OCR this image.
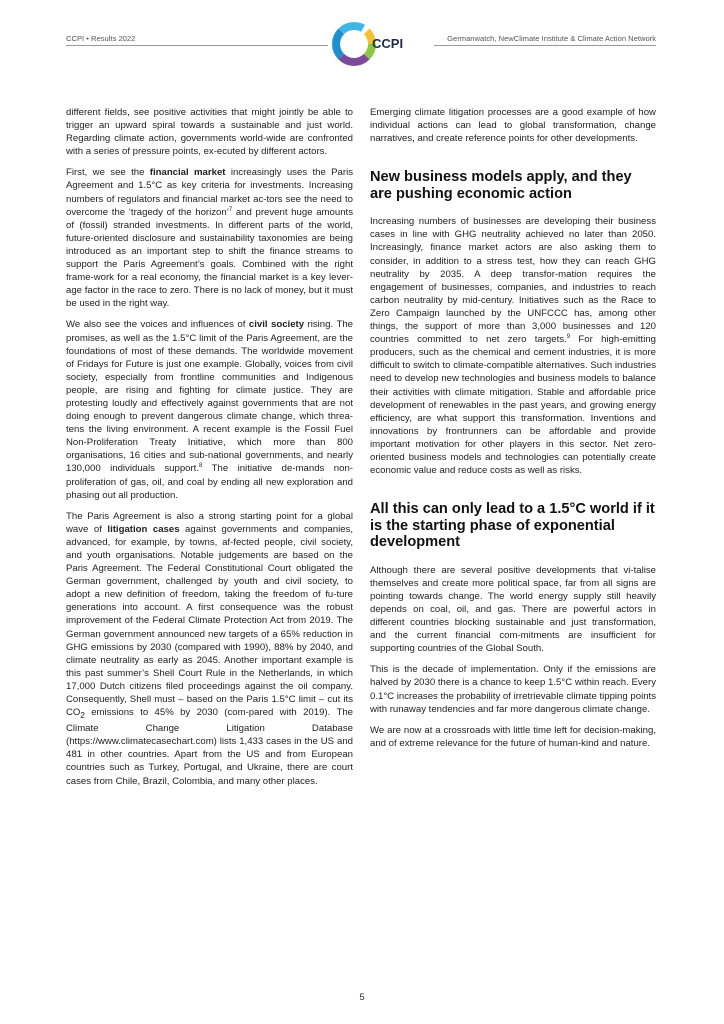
CCPI • Results 2022	Germanwatch, NewClimate Institute & Climate Action Network
CCPI

different fields, see positive activities that might jointly be able to trigger an upward spiral towards a sustainable and just world. Regarding climate action, governments world-wide are confronted with a series of pressure points, ex-ecuted by different actors.

First, we see the financial market increasingly uses the Paris Agreement and 1.5°C as key criteria for investments. Increasing numbers of regulators and financial market ac-tors see the need to overcome the ‘tragedy of the horizon’$^7$ and prevent huge amounts of (fossil) stranded investments. In different parts of the world, future-oriented disclosure and sustainability taxonomies are being introduced as an important step to shift the finance streams to support the Paris Agreement’s goals. Combined with the right frame-work for a real economy, the financial market is a key lever-age factor in the race to zero. There is no lack of money, but it must be used in the right way.

We also see the voices and influences of civil society rising. The promises, as well as the 1.5°C limit of the Paris Agreement, are the foundations of most of these demands. The worldwide movement of Fridays for Future is just one example. Globally, voices from civil society, especially from frontline communities and Indigenous people, are rising and fighting for climate justice. They are protesting loudly and effectively against governments that are not doing enough to prevent dangerous climate change, which threa-tens the living environment. A recent example is the Fossil Fuel Non-Proliferation Treaty Initiative, which more than 800 organisations, 16 cities and sub-national governments, and nearly 130,000 individuals support.$^8$ The initiative de-mands non-proliferation of gas, oil, and coal by ending all new exploration and phasing out all production.

The Paris Agreement is also a strong starting point for a global wave of litigation cases against governments and companies, advanced, for example, by towns, af-fected people, civil society, and youth organisations. Notable judgements are based on the Paris Agreement. The Federal Constitutional Court obligated the German government, challenged by youth and civil society, to adopt a new definition of freedom, taking the freedom of fu-ture generations into account. A first consequence was the robust improvement of the Federal Climate Protection Act from 2019. The German government announced new targets of a 65% reduction in GHG emissions by 2030 (compared with 1990), 88% by 2040, and climate neutrality as early as 2045. Another important example is this past summer’s Shell Court Rule in the Netherlands, in which 17,000 Dutch citizens filed proceedings against the oil company. Consequently, Shell must – based on the Paris 1.5°C limit – cut its $CO_2$ emissions to 45% by 2030 (com-pared with 2019). The Climate Change Litigation Database (https://www.climatecasechart.com) lists 1,433 cases in the US and 481 in other countries. Apart from the US and from European countries such as Turkey, Portugal, and Ukraine, there are court cases from Chile, Brazil, Colombia, and many other places.

Emerging climate litigation processes are a good example of how individual actions can lead to global transformation, change narratives, and create reference points for other developments.

New business models apply, and they are pushing economic action

Increasing numbers of businesses are developing their business cases in line with GHG neutrality achieved no later than 2050. Increasingly, finance market actors are also asking them to consider, in addition to a stress test, how they can reach GHG neutrality by 2035. A deep transfor-mation requires the engagement of businesses, companies, and industries to reach carbon neutrality by mid-century. Initiatives such as the Race to Zero Campaign launched by the UNFCCC has, among other things, the support of more than 3,000 businesses and 120 countries committed to net zero targets.$^9$ For high-emitting producers, such as the chemical and cement industries, it is more difficult to switch to climate-compatible alternatives. Such industries need to develop new technologies and business models to balance their activities with climate mitigation. Stable and affordable price development of renewables in the past years, and growing energy efficiency, are what support this transformation. Inventions and innovations by frontrunners can be affordable and provide important motivation for other players in this sector. Net zero-oriented business models and technologies can potentially create economic value and reduce costs as well as risks.

All this can only lead to a 1.5°C world if it is the starting phase of exponential development

Although there are several positive developments that vi-talise themselves and create more political space, far from all signs are pointing towards change. The world energy supply still heavily depends on coal, oil, and gas. There are powerful actors in different countries blocking sustainable and just transformation, and the current financial com-mitments are insufficient for supporting countries of the Global South.

This is the decade of implementation. Only if the emissions are halved by 2030 there is a chance to keep 1.5°C within reach. Every 0.1°C increases the probability of irretrievable climate tipping points with runaway tendencies and far more dangerous climate change.

We are now at a crossroads with little time left for decision-making, and of extreme relevance for the future of human-kind and nature.

5
